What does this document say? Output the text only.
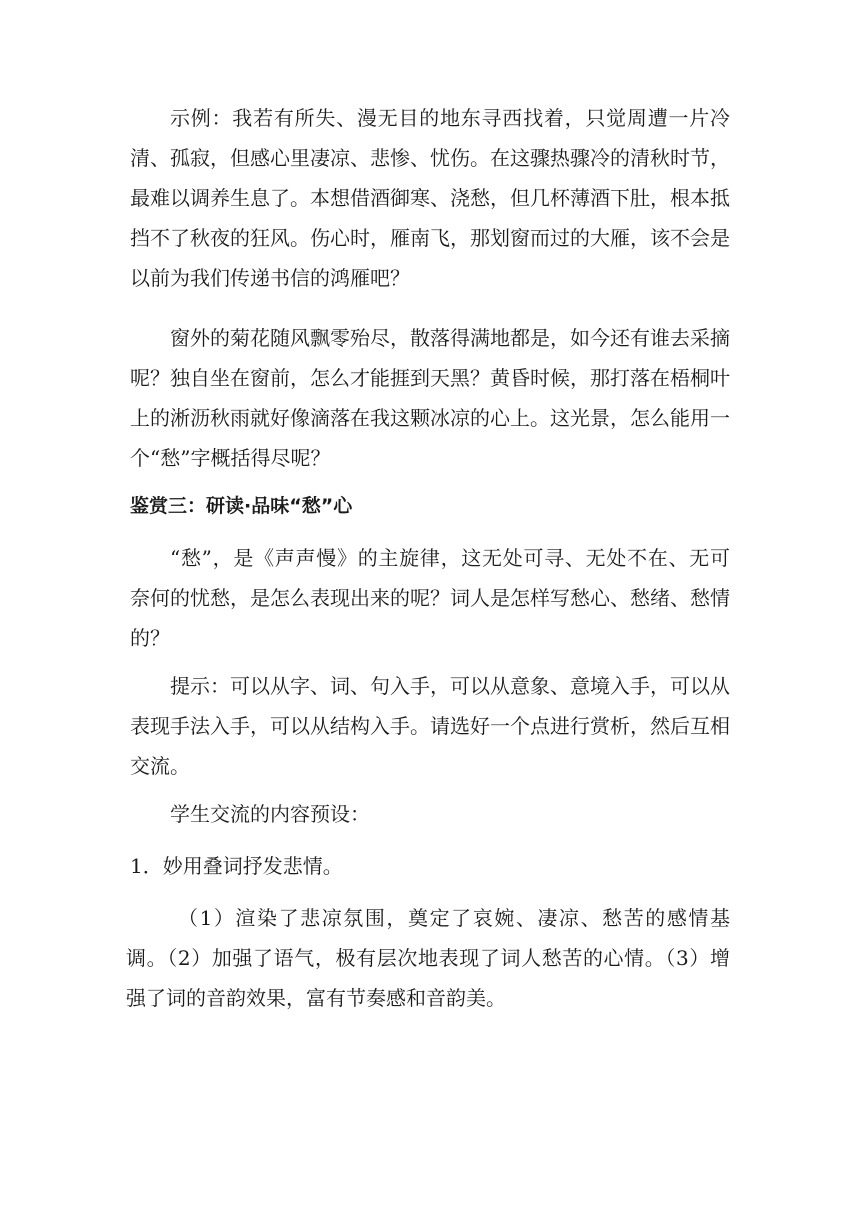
示例：我若有所失、漫无目的地东寻西找着，只觉周遭一片冷清、孤寂，但感心里凄凉、悲惨、忧伤。在这骤热骤冷的清秋时节，最难以调养生息了。本想借酒御寒、浇愁，但几杯薄酒下肚，根本抵挡不了秋夜的狂风。伤心时，雁南飞，那划窗而过的大雁，该不会是以前为我们传递书信的鸿雁吧？

窗外的菊花随风飘零殆尽，散落得满地都是，如今还有谁去采摘呢？独自坐在窗前，怎么才能捱到天黑？黄昏时候，那打落在梧桐叶上的淅沥秋雨就好像滴落在我这颗冰凉的心上。这光景，怎么能用一个“愁”字概括得尽呢？

鉴赏三：研读·品味“愁”心

“愁”，是《声声慢》的主旋律，这无处可寻、无处不在、无可奈何的忧愁，是怎么表现出来的呢？词人是怎样写愁心、愁绪、愁情的？

提示：可以从字、词、句入手，可以从意象、意境入手，可以从表现手法入手，可以从结构入手。请选好一个点进行赏析，然后互相交流。

学生交流的内容预设：

1．妙用叠词抒发悲情。

（1）渲染了悲凉氛围，奠定了哀婉、凄凉、愁苦的感情基调。（2）加强了语气，极有层次地表现了词人愁苦的心情。（3）增强了词的音韵效果，富有节奏感和音韵美。
